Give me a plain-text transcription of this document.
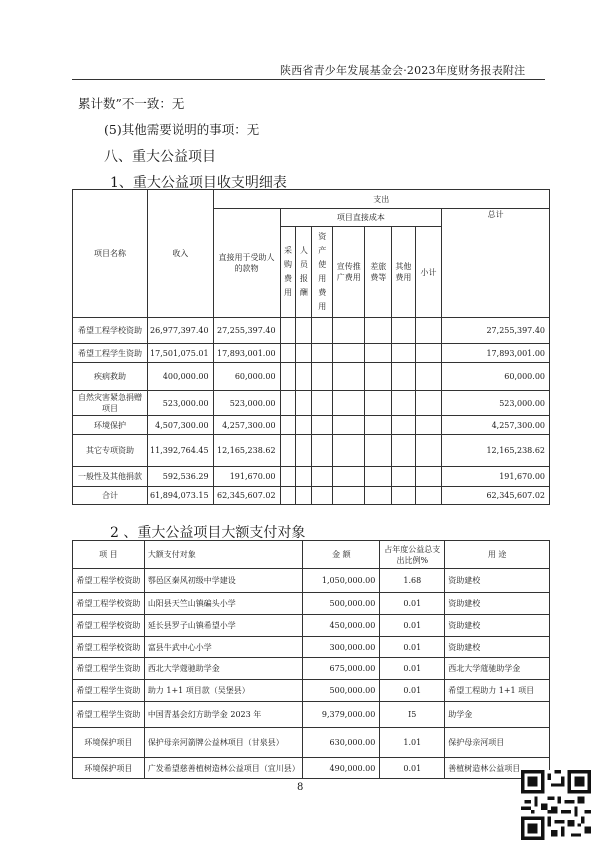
陕西省青少年发展基金会·2023年度财务报表附注
累计数”不一致：无
(5)其他需要说明的事项：无
八、重大公益项目
1、重大公益项目收支明细表
项目名称	收入	支出								
		直接用于受助人的款物	项目直接成本							总计
			采购费用	人员报酬	资产使用费用	宣传推广费用	差旅费等	其他费用	小计	
希望工程学校资助	26,977,397.40	27,255,397.40								27,255,397.40
希望工程学生资助	17,501,075.01	17,893,001.00								17,893,001.00
疾病救助	400,000.00	60,000.00								60,000.00
自然灾害紧急捐赠项目	523,000.00	523,000.00								523,000.00
环境保护	4,507,300.00	4,257,300.00								4,257,300.00
其它专项资助	11,392,764.45	12,165,238.62								12,165,238.62
一般性及其他捐款	592,536.29	191,670.00								191,670.00
合计	61,894,073.15	62,345,607.02								62,345,607.02
2 、重大公益项目大额支付对象
项 目	大额支付对象	金 额	占年度公益总支出比例%	用 途
希望工程学校资助	鄠邑区秦风初级中学建设	1,050,000.00	1.68	资助建校
希望工程学校资助	山阳县天竺山镇碥头小学	500,000.00	0.01	资助建校
希望工程学校资助	延长县罗子山镇希望小学	450,000.00	0.01	资助建校
希望工程学校资助	富县牛武中心小学	300,000.00	0.01	资助建校
希望工程学生资助	西北大学蔻驰助学金	675,000.00	0.01	西北大学蔻驰助学金
希望工程学生资助	助力 1+1 项目款（吴堡县）	500,000.00	0.01	希望工程助力 1+1 项目
希望工程学生资助	中国青基会幻方助学金 2023 年	9,379,000.00	I5	助学金
环境保护项目	保护母亲河箭牌公益林项目（甘泉县）	630,000.00	1.01	保护母亲河项目
环境保护项目	广发希望慈善植树造林公益项目（宜川县）	490,000.00	0.01	善植树造林公益项目
8
